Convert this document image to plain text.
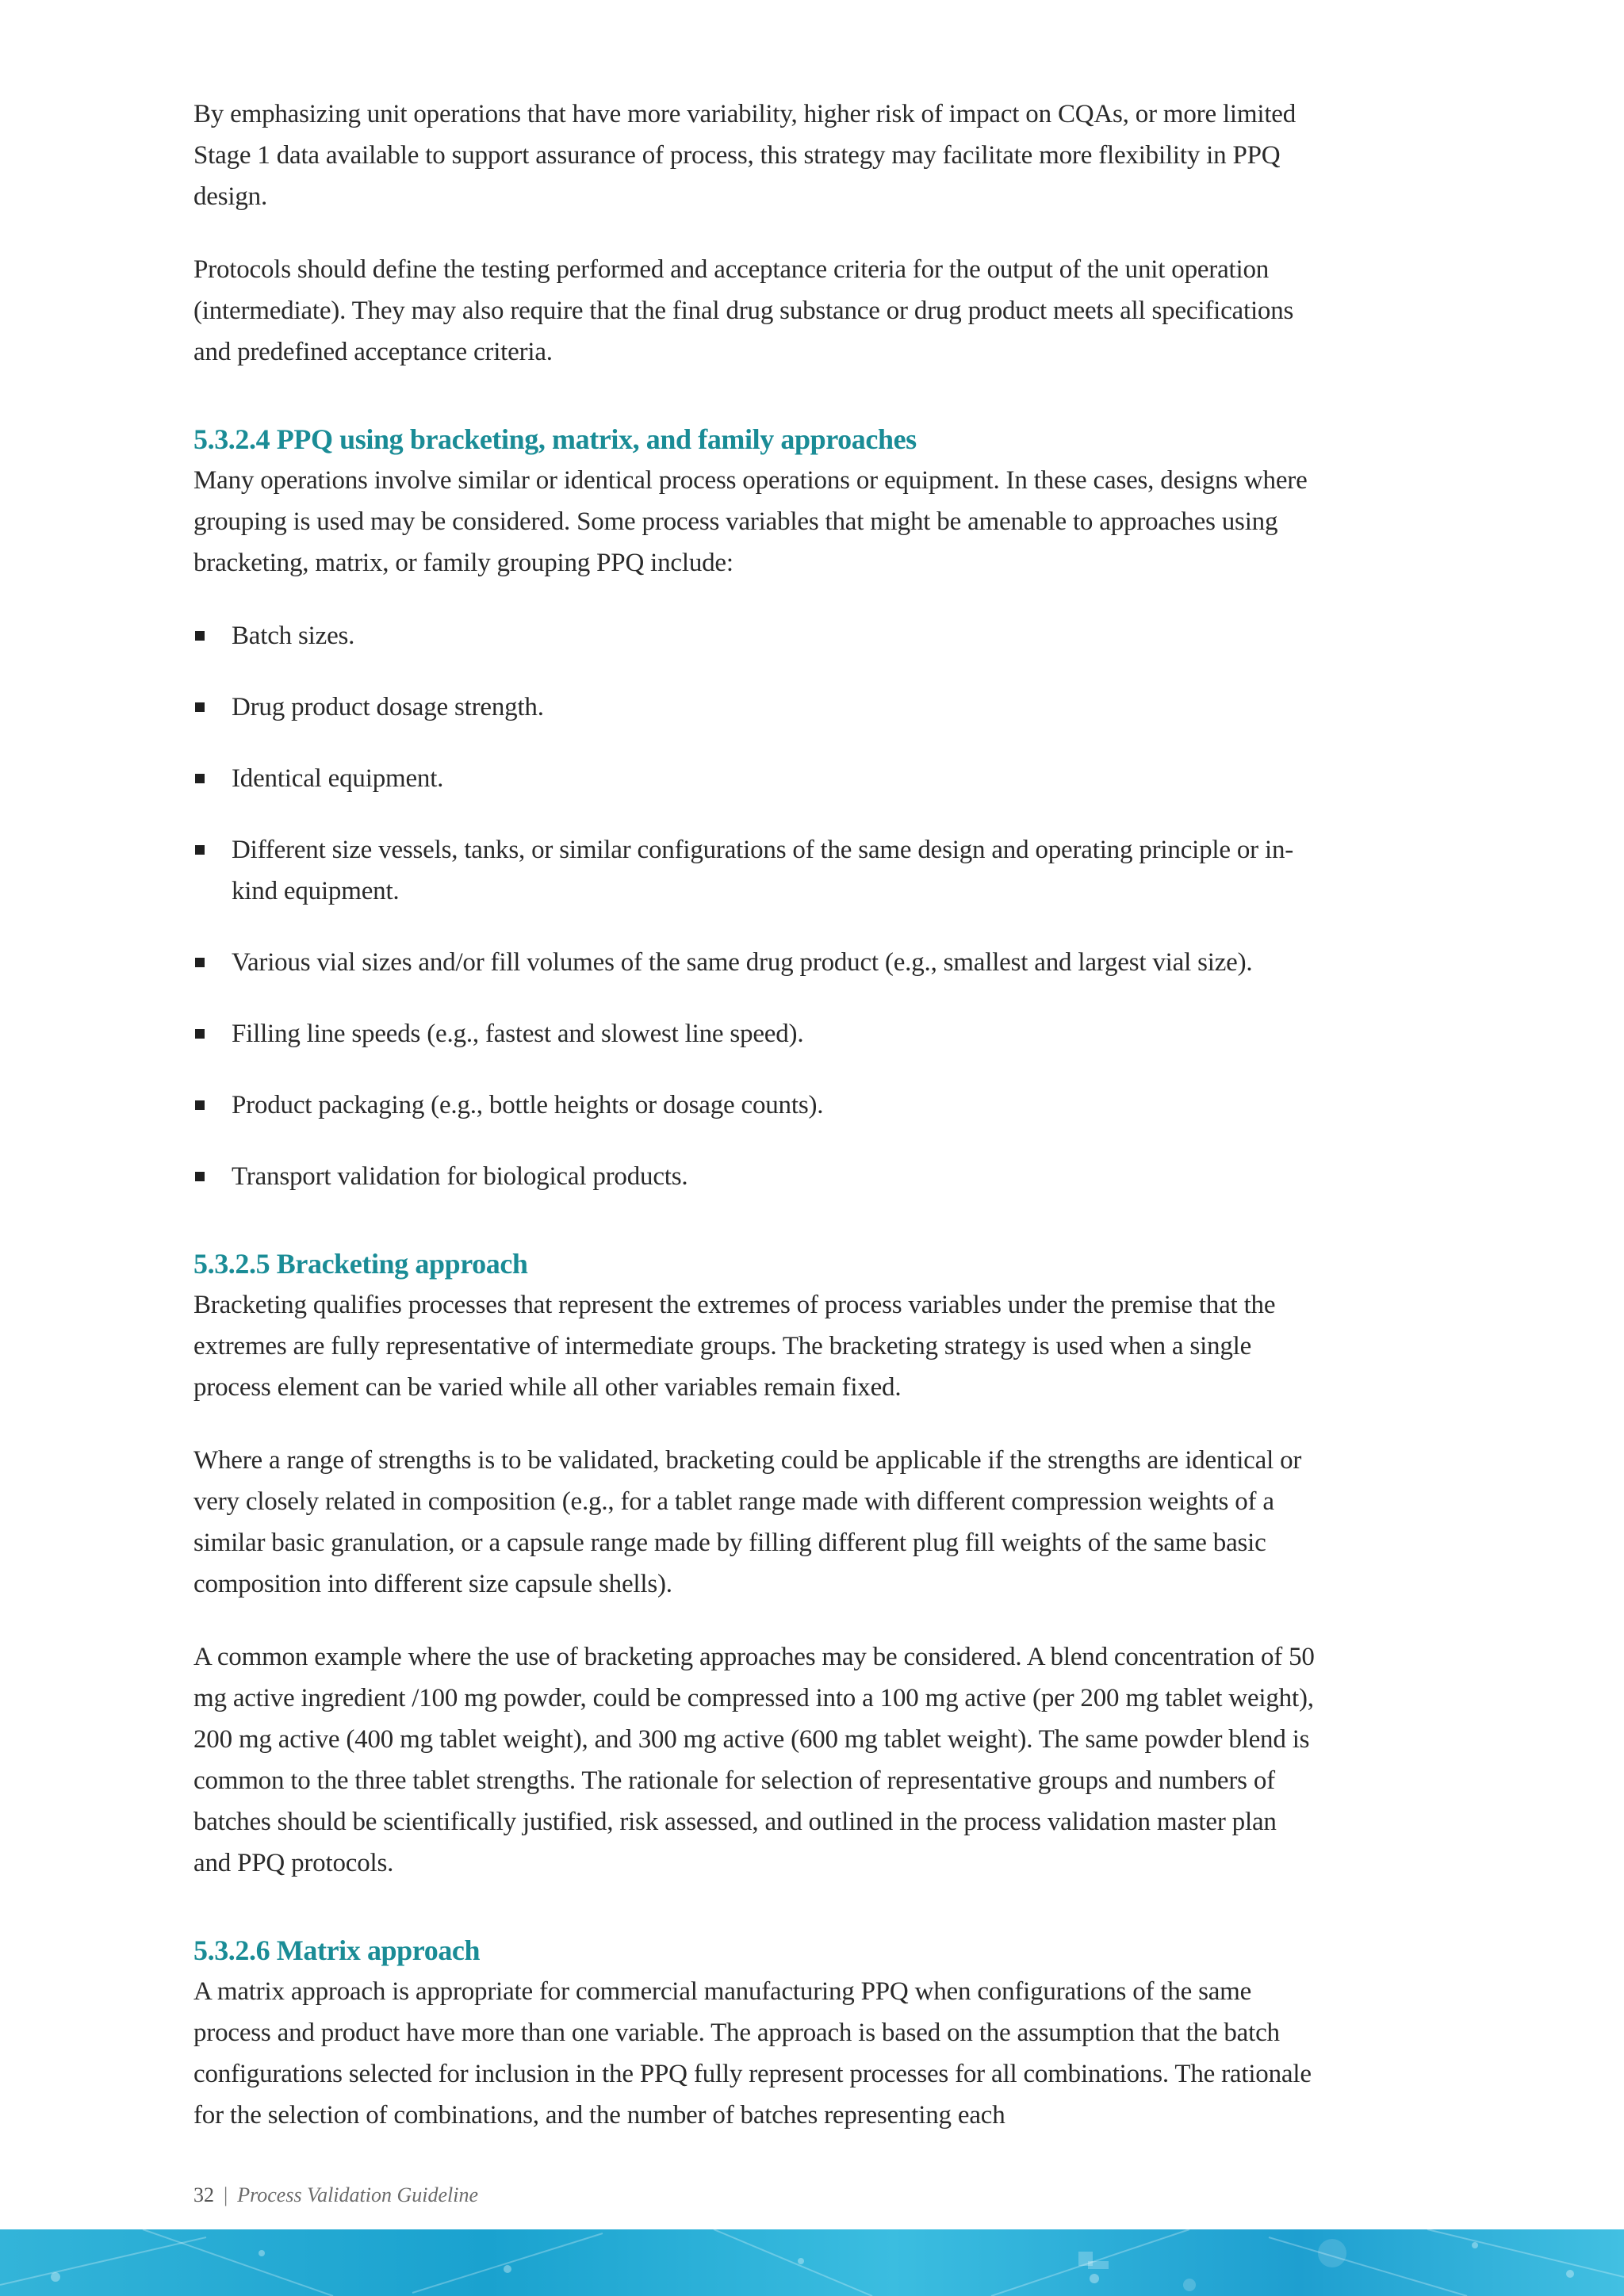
By emphasizing unit operations that have more variability, higher risk of impact on CQAs, or more limited Stage 1 data available to support assurance of process, this strategy may facilitate more flexibility in PPQ design.

Protocols should define the testing performed and acceptance criteria for the output of the unit operation (intermediate). They may also require that the final drug substance or drug product meets all specifications and predefined acceptance criteria.

5.3.2.4 PPQ using bracketing, matrix, and family approaches

Many operations involve similar or identical process operations or equipment. In these cases, designs where grouping is used may be considered. Some process variables that might be amenable to approaches using bracketing, matrix, or family grouping PPQ include:

Batch sizes.
Drug product dosage strength.
Identical equipment.
Different size vessels, tanks, or similar configurations of the same design and operating principle or in-kind equipment.
Various vial sizes and/or fill volumes of the same drug product (e.g., smallest and largest vial size).
Filling line speeds (e.g., fastest and slowest line speed).
Product packaging (e.g., bottle heights or dosage counts).
Transport validation for biological products.
5.3.2.5 Bracketing approach

Bracketing qualifies processes that represent the extremes of process variables under the premise that the extremes are fully representative of intermediate groups. The bracketing strategy is used when a single process element can be varied while all other variables remain fixed.

Where a range of strengths is to be validated, bracketing could be applicable if the strengths are identical or very closely related in composition (e.g., for a tablet range made with different compression weights of a similar basic granulation, or a capsule range made by filling different plug fill weights of the same basic composition into different size capsule shells).

A common example where the use of bracketing approaches may be considered. A blend concentration of 50 mg active ingredient /100 mg powder, could be compressed into a 100 mg active (per 200 mg tablet weight), 200 mg active (400 mg tablet weight), and 300 mg active (600 mg tablet weight). The same powder blend is common to the three tablet strengths. The rationale for selection of representative groups and numbers of batches should be scientifically justified, risk assessed, and outlined in the process validation master plan and PPQ protocols.

5.3.2.6 Matrix approach

A matrix approach is appropriate for commercial manufacturing PPQ when configurations of the same process and product have more than one variable. The approach is based on the assumption that the batch configurations selected for inclusion in the PPQ fully represent processes for all combinations. The rationale for the selection of combinations, and the number of batches representing each

32 | Process Validation Guideline
